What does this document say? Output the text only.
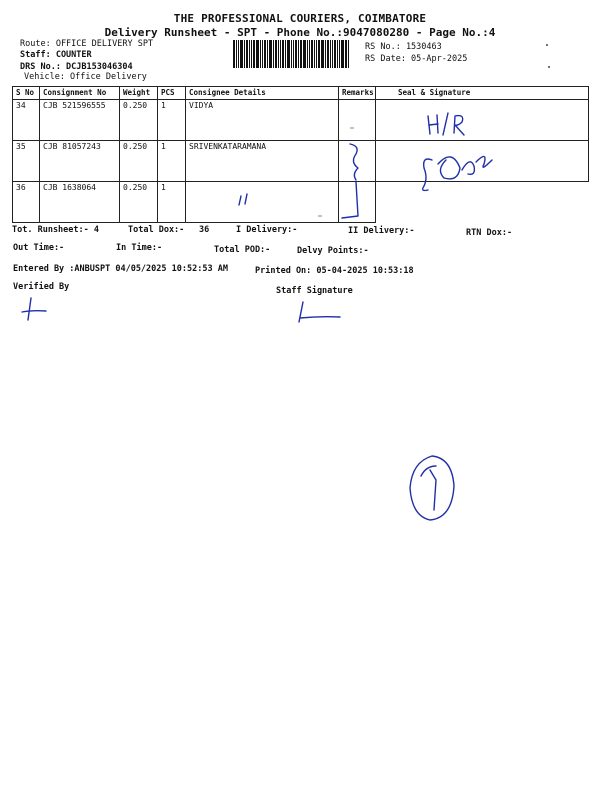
THE PROFESSIONAL COURIERS, COIMBATORE
Delivery Runsheet - SPT - Phone No.:9047080280 - Page No.:4
Route: OFFICE DELIVERY SPT
Staff: COUNTER
DRS No.: DCJB153046304
Vehicle: Office Delivery
RS No.: 1530463
RS Date: 05-Apr-2025
S No	Consignment No	Weight	PCS	Consignee Details	Remarks	Seal & Signature
34	CJB 521596555	0.250	1	VIDYA		
35	CJB 81057243	0.250	1	SRIVENKATARAMANA		
36	CJB 1638064	0.250	1			
Tot. Runsheet:- 4	Total Dox:- 36	I Delivery:-	II Delivery:-	RTN Dox:-
Out Time:-	In Time:-	Total POD:-	Delvy Points:-
Entered By :ANBUSPT 04/05/2025 10:52:53 AM	Printed On: 05-04-2025 10:53:18
Verified By	Staff Signature
